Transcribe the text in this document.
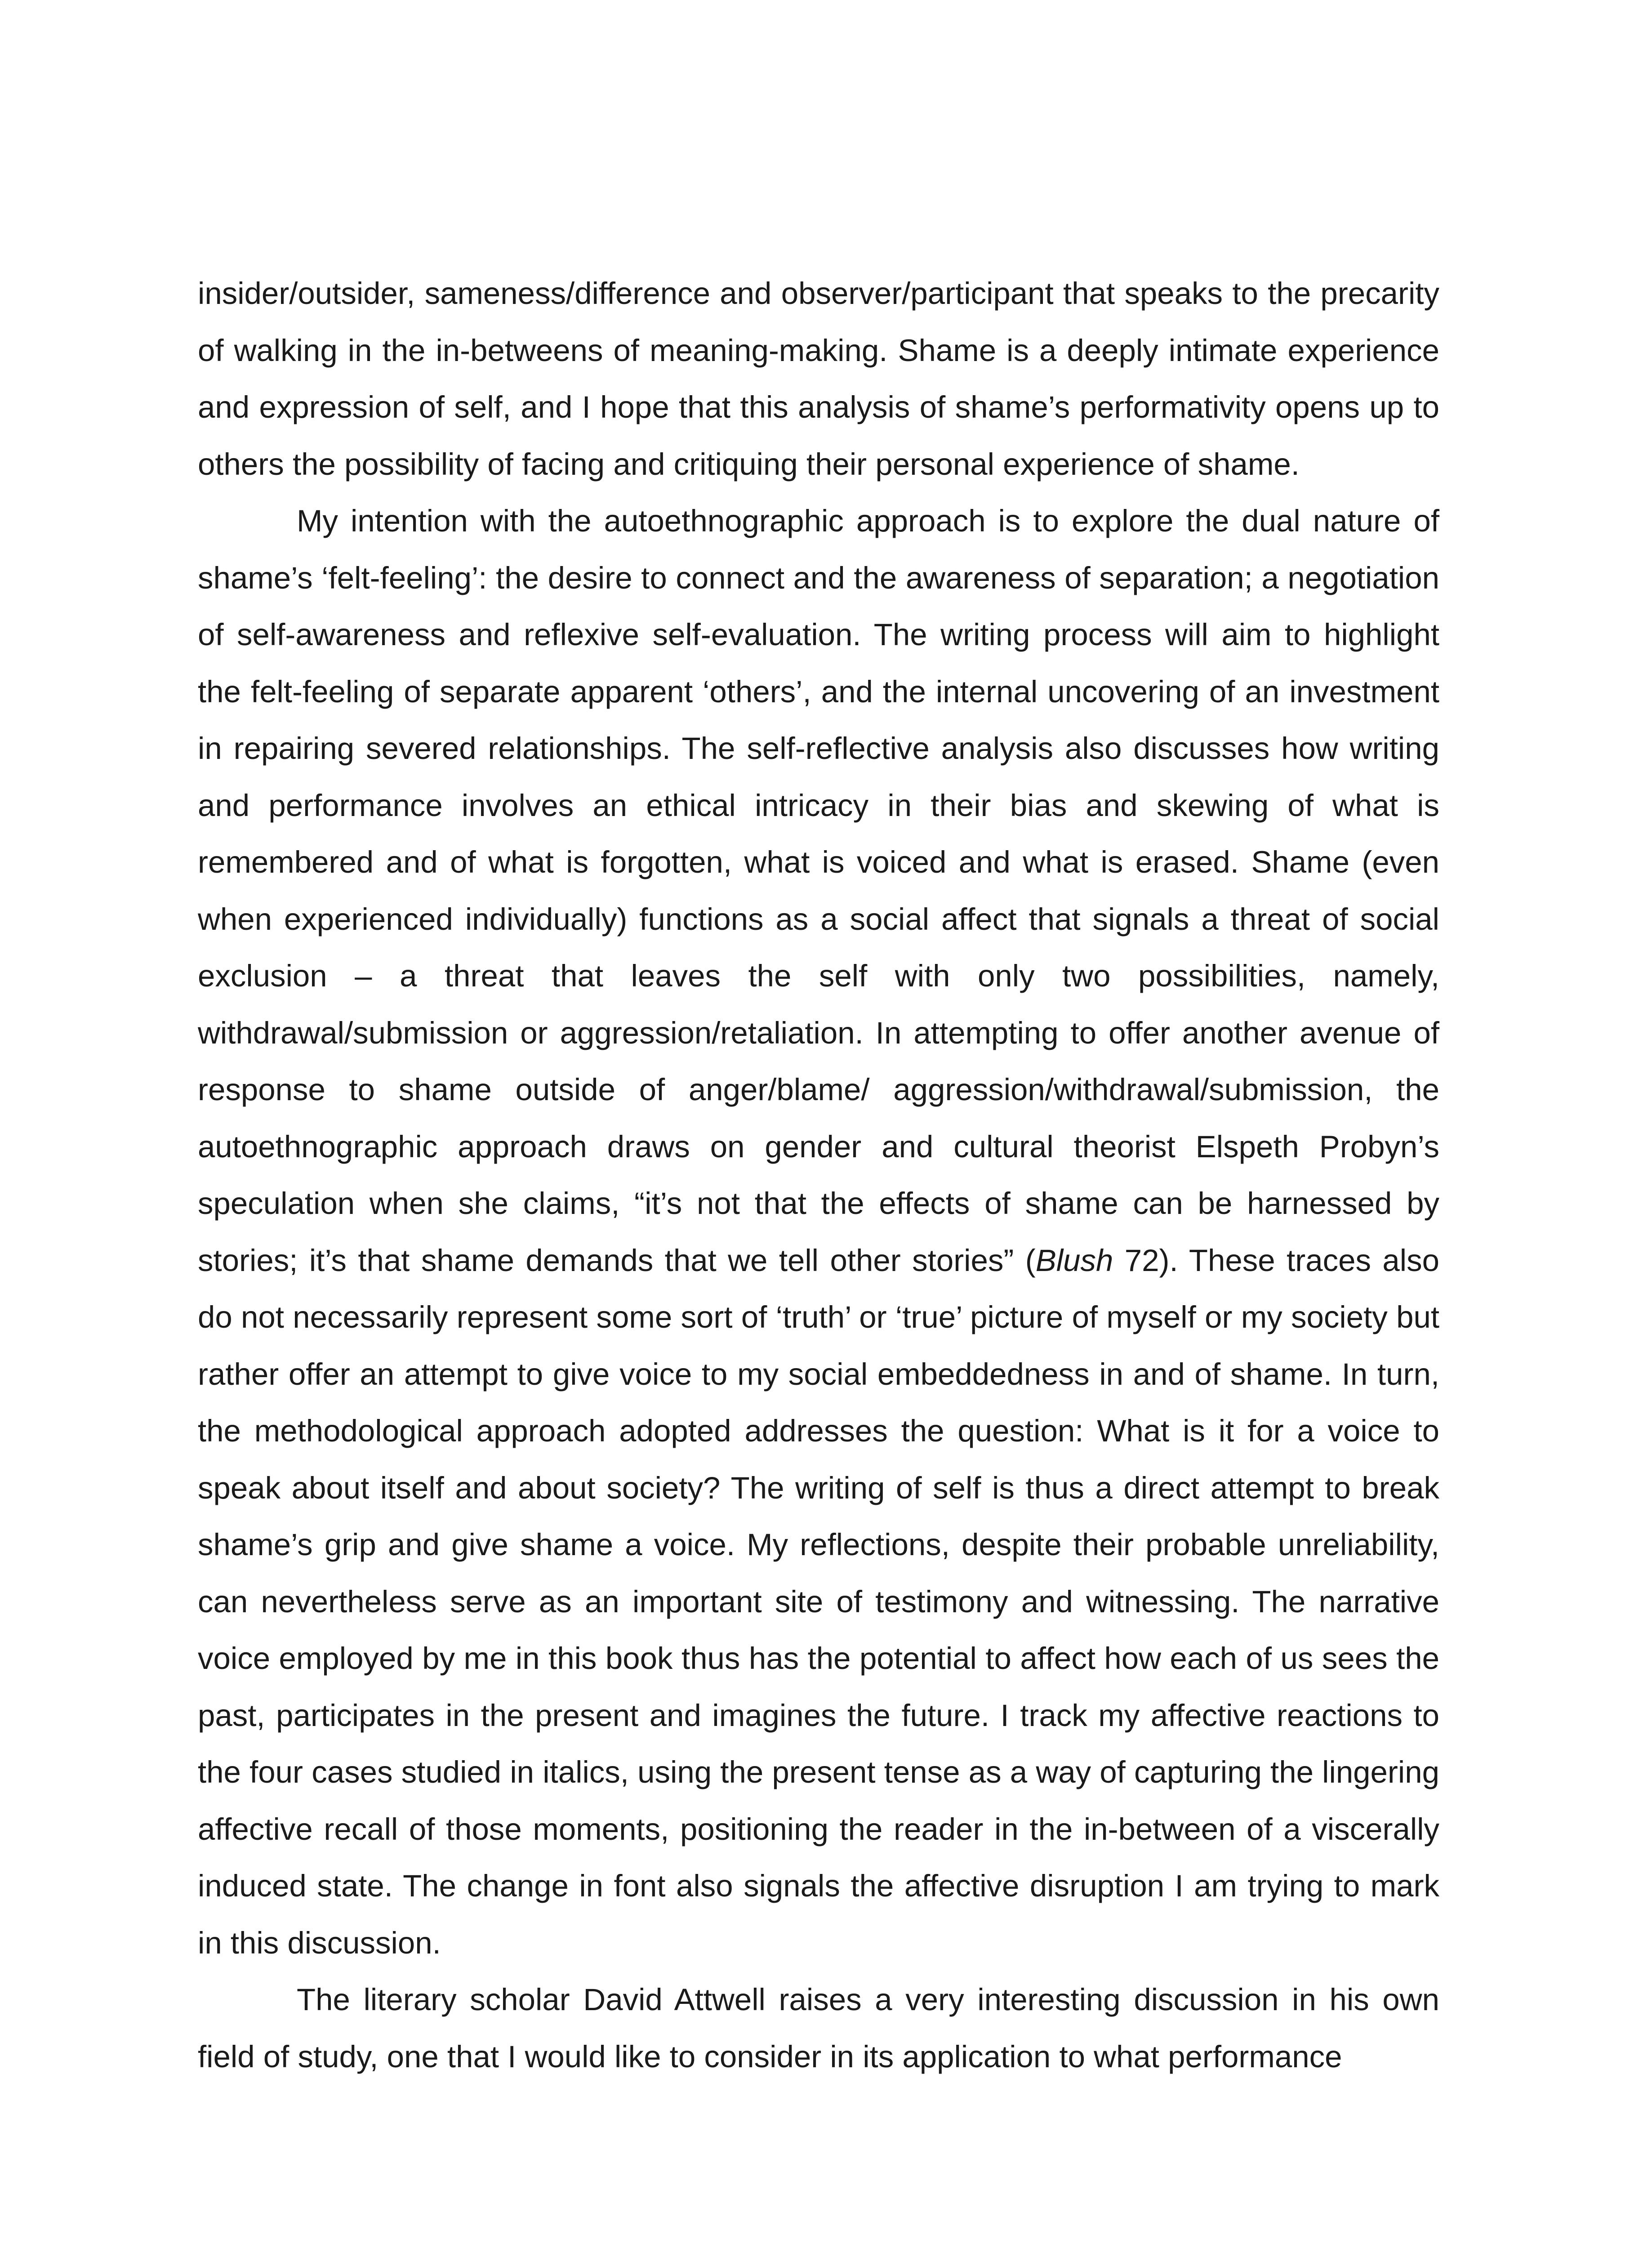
insider/outsider, sameness/difference and observer/participant that speaks to the precarity of walking in the in-betweens of meaning-making. Shame is a deeply intimate experience and expression of self, and I hope that this analysis of shame’s performativity opens up to others the possibility of facing and critiquing their personal experience of shame.

My intention with the autoethnographic approach is to explore the dual nature of shame’s ‘felt-feeling’: the desire to connect and the awareness of separation; a negotiation of self-awareness and reflexive self-evaluation. The writing process will aim to highlight the felt-feeling of separate apparent ‘others’, and the internal uncovering of an investment in repairing severed relationships. The self-reflective analysis also discusses how writing and performance involves an ethical intricacy in their bias and skewing of what is remembered and of what is forgotten, what is voiced and what is erased. Shame (even when experienced individually) functions as a social affect that signals a threat of social exclusion – a threat that leaves the self with only two possibilities, namely, withdrawal/submission or aggression/retaliation. In attempting to offer another avenue of response to shame outside of anger/blame/ aggression/withdrawal/submission, the autoethnographic approach draws on gender and cultural theorist Elspeth Probyn’s speculation when she claims, “it’s not that the effects of shame can be harnessed by stories; it’s that shame demands that we tell other stories” (Blush 72). These traces also do not necessarily represent some sort of ‘truth’ or ‘true’ picture of myself or my society but rather offer an attempt to give voice to my social embeddedness in and of shame. In turn, the methodological approach adopted addresses the question: What is it for a voice to speak about itself and about society? The writing of self is thus a direct attempt to break shame’s grip and give shame a voice. My reflections, despite their probable unreliability, can nevertheless serve as an important site of testimony and witnessing. The narrative voice employed by me in this book thus has the potential to affect how each of us sees the past, participates in the present and imagines the future. I track my affective reactions to the four cases studied in italics, using the present tense as a way of capturing the lingering affective recall of those moments, positioning the reader in the in-between of a viscerally induced state. The change in font also signals the affective disruption I am trying to mark in this discussion.

The literary scholar David Attwell raises a very interesting discussion in his own field of study, one that I would like to consider in its application to what performance
